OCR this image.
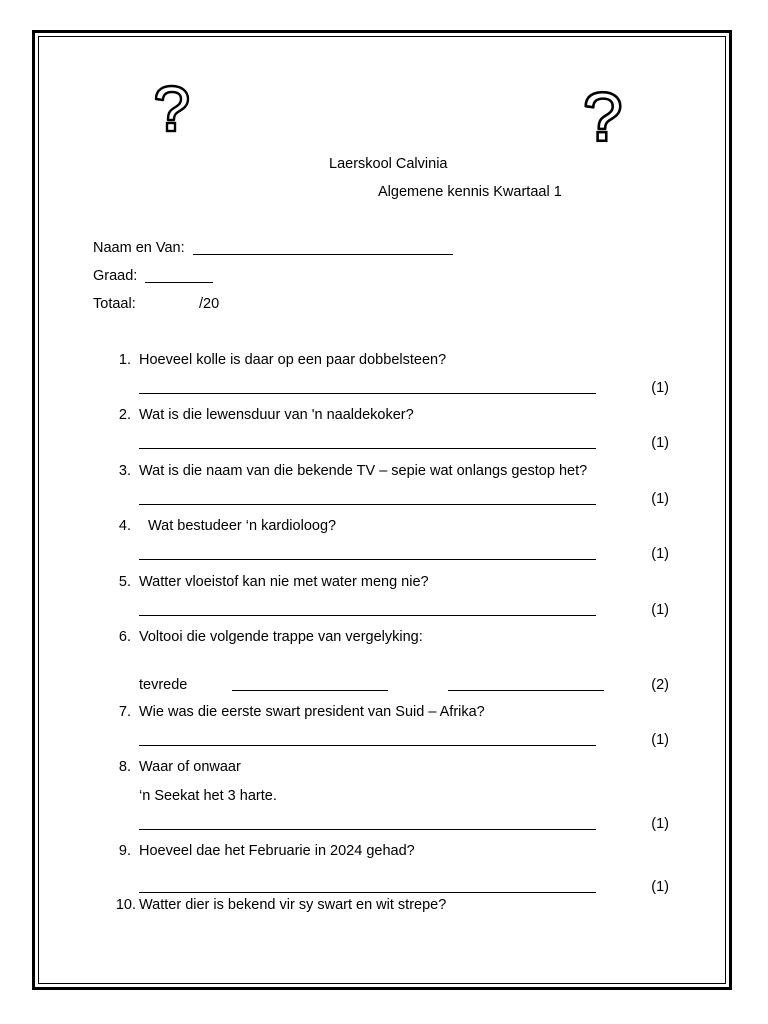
Laerskool Calvinia
Algemene kennis Kwartaal 1
Naam en Van:
Graad:
Totaal:	/20
1. Hoeveel kolle is daar op een paar dobbelsteen?
(1)
2. Wat is die lewensduur van 'n naaldekoker?
(1)
3. Wat is die naam van die bekende TV – sepie wat onlangs gestop het?
(1)
4. Wat bestudeer ‘n kardioloog?
(1)
5. Watter vloeistof kan nie met water meng nie?
(1)
6. Voltooi die volgende trappe van vergelyking:
tevrede	(2)
7. Wie was die eerste swart president van Suid – Afrika?
(1)
8. Waar of onwaar
‘n Seekat het 3 harte.
(1)
9. Hoeveel dae het Februarie in 2024 gehad?
(1)
10. Watter dier is bekend vir sy swart en wit strepe?
